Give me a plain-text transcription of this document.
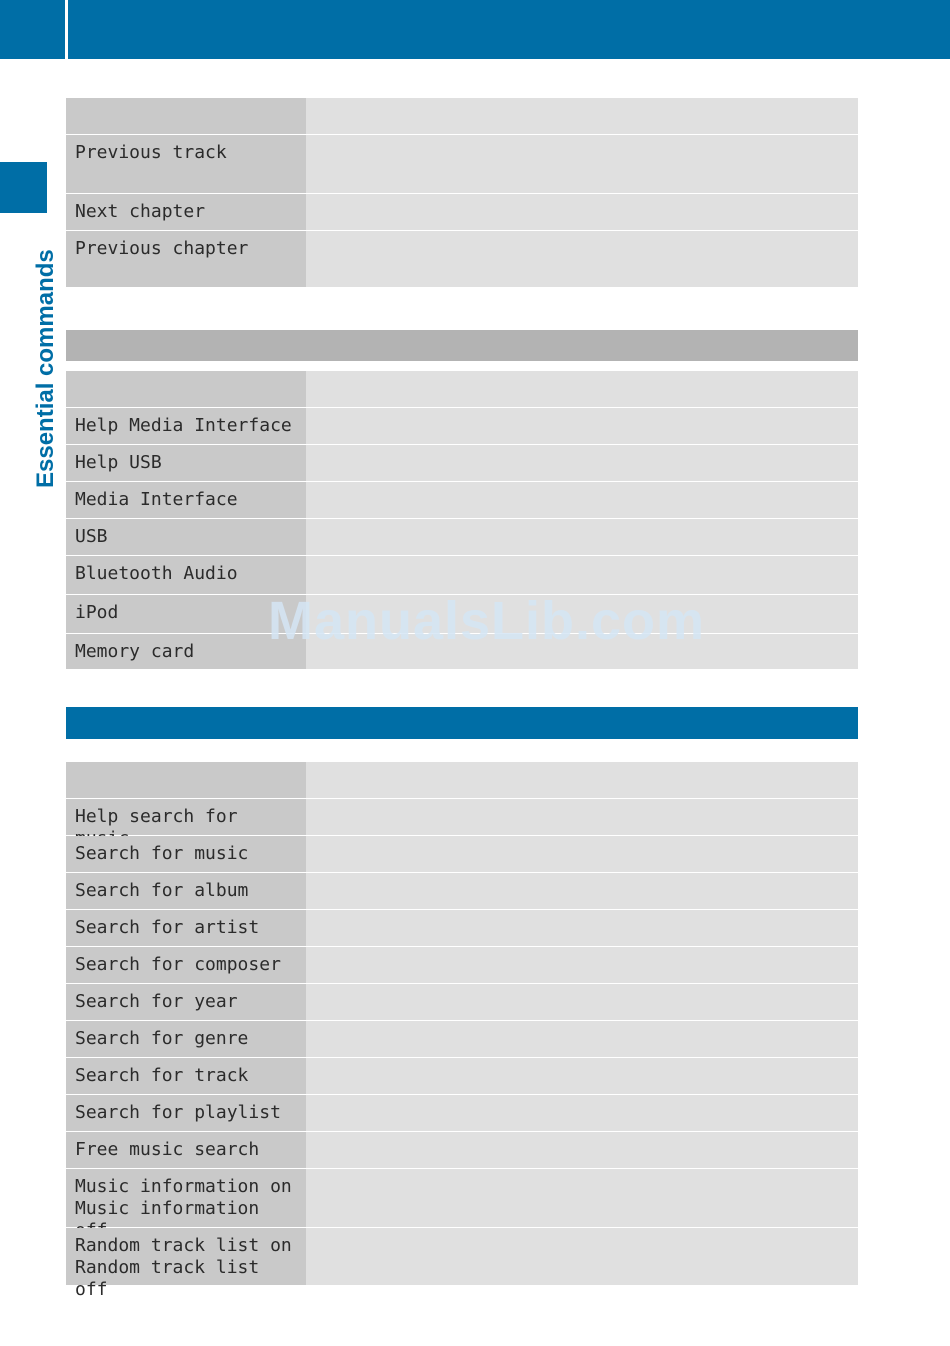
Essential commands
Previous track
Next chapter
Previous chapter
Help Media Interface
Help USB
Media Interface
USB
Bluetooth Audio
iPod
Memory card
Help search for
Search for music
Search for album
Search for artist
Search for composer
Search for year
Search for genre
Search for track
Search for playlist
Free music search
Music information on
Music information
Random track list on
Random track list off
ManualsLib.com
